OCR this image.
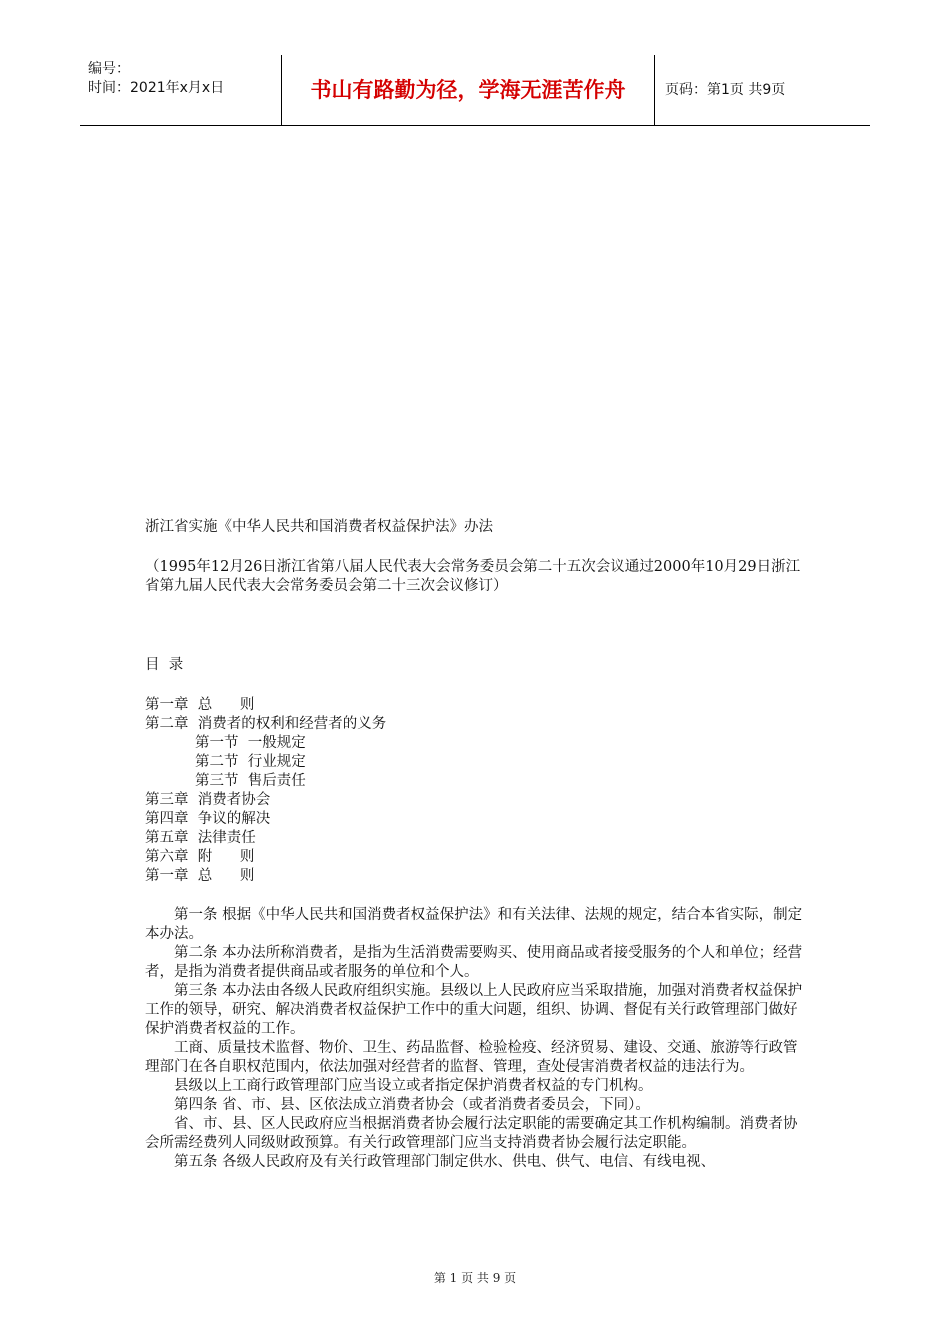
编号：
时间：2021年x月x日	书山有路勤为径，学海无涯苦作舟	页码：第1页 共9页
浙江省实施《中华人民共和国消费者权益保护法》办法
（1995年12月26日浙江省第八届人民代表大会常务委员会第二十五次会议通过2000年10月29日浙江省第九届人民代表大会常务委员会第二十三次会议修订）
目  录
第一章  总      则
第二章  消费者的权利和经营者的义务
第一节  一般规定
第二节  行业规定
第三节  售后责任
第三章  消费者协会
第四章  争议的解决
第五章  法律责任
第六章  附      则
第一章  总      则

第一条 根据《中华人民共和国消费者权益保护法》和有关法律、法规的规定，结合本省实际，制定本办法。

第二条 本办法所称消费者，是指为生活消费需要购买、使用商品或者接受服务的个人和单位；经营者，是指为消费者提供商品或者服务的单位和个人。

第三条 本办法由各级人民政府组织实施。县级以上人民政府应当采取措施，加强对消费者权益保护工作的领导，研究、解决消费者权益保护工作中的重大问题，组织、协调、督促有关行政管理部门做好保护消费者权益的工作。

工商、质量技术监督、物价、卫生、药品监督、检验检疫、经济贸易、建设、交通、旅游等行政管理部门在各自职权范围内，依法加强对经营者的监督、管理，查处侵害消费者权益的违法行为。

县级以上工商行政管理部门应当设立或者指定保护消费者权益的专门机构。

第四条 省、市、县、区依法成立消费者协会（或者消费者委员会，下同）。

省、市、县、区人民政府应当根据消费者协会履行法定职能的需要确定其工作机构编制。消费者协会所需经费列人同级财政预算。有关行政管理部门应当支持消费者协会履行法定职能。

第五条 各级人民政府及有关行政管理部门制定供水、供电、供气、电信、有线电视、

第 1 页 共 9 页
